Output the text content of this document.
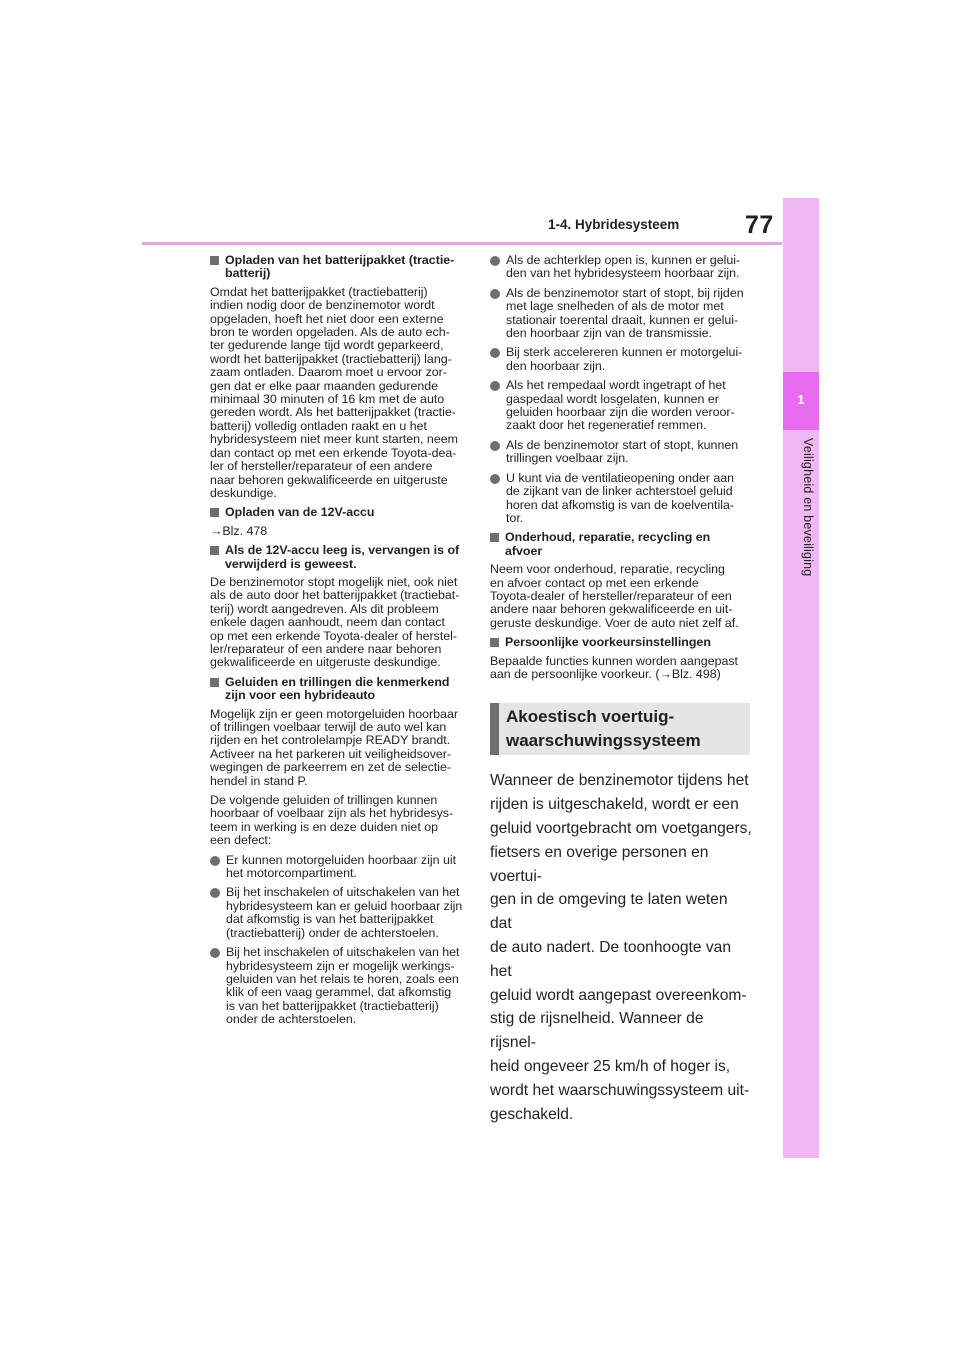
1-4. Hybridesysteem	77
1
Veiligheid en beveiliging
Opladen van het batterijpakket (tractie-
batterij)
Omdat het batterijpakket (tractiebatterij)
indien nodig door de benzinemotor wordt
opgeladen, hoeft het niet door een externe
bron te worden opgeladen. Als de auto ech-
ter gedurende lange tijd wordt geparkeerd,
wordt het batterijpakket (tractiebatterij) lang-
zaam ontladen. Daarom moet u ervoor zor-
gen dat er elke paar maanden gedurende
minimaal 30 minuten of 16 km met de auto
gereden wordt. Als het batterijpakket (tractie-
batterij) volledig ontladen raakt en u het
hybridesysteem niet meer kunt starten, neem
dan contact op met een erkende Toyota-dea-
ler of hersteller/reparateur of een andere
naar behoren gekwalificeerde en uitgeruste
deskundige.
Opladen van de 12V-accu
→Blz. 478
Als de 12V-accu leeg is, vervangen is of
verwijderd is geweest.
De benzinemotor stopt mogelijk niet, ook niet
als de auto door het batterijpakket (tractiebat-
terij) wordt aangedreven. Als dit probleem
enkele dagen aanhoudt, neem dan contact
op met een erkende Toyota-dealer of herstel-
ler/reparateur of een andere naar behoren
gekwalificeerde en uitgeruste deskundige.
Geluiden en trillingen die kenmerkend
zijn voor een hybrideauto
Mogelijk zijn er geen motorgeluiden hoorbaar
of trillingen voelbaar terwijl de auto wel kan
rijden en het controlelampje READY brandt.
Activeer na het parkeren uit veiligheidsover-
wegingen de parkeerrem en zet de selectie-
hendel in stand P.
De volgende geluiden of trillingen kunnen
hoorbaar of voelbaar zijn als het hybridesys-
teem in werking is en deze duiden niet op
een defect:
Er kunnen motorgeluiden hoorbaar zijn uit
het motorcompartiment.
Bij het inschakelen of uitschakelen van het
hybridesysteem kan er geluid hoorbaar zijn
dat afkomstig is van het batterijpakket
(tractiebatterij) onder de achterstoelen.
Bij het inschakelen of uitschakelen van het
hybridesysteem zijn er mogelijk werkings-
geluiden van het relais te horen, zoals een
klik of een vaag gerammel, dat afkomstig
is van het batterijpakket (tractiebatterij)
onder de achterstoelen.
Als de achterklep open is, kunnen er gelui-
den van het hybridesysteem hoorbaar zijn.
Als de benzinemotor start of stopt, bij rijden
met lage snelheden of als de motor met
stationair toerental draait, kunnen er gelui-
den hoorbaar zijn van de transmissie.
Bij sterk accelereren kunnen er motorgelui-
den hoorbaar zijn.
Als het rempedaal wordt ingetrapt of het
gaspedaal wordt losgelaten, kunnen er
geluiden hoorbaar zijn die worden veroor-
zaakt door het regeneratief remmen.
Als de benzinemotor start of stopt, kunnen
trillingen voelbaar zijn.
U kunt via de ventilatieopening onder aan
de zijkant van de linker achterstoel geluid
horen dat afkomstig is van de koelventila-
tor.
Onderhoud, reparatie, recycling en
afvoer
Neem voor onderhoud, reparatie, recycling
en afvoer contact op met een erkende
Toyota-dealer of hersteller/reparateur of een
andere naar behoren gekwalificeerde en uit-
geruste deskundige. Voer de auto niet zelf af.
Persoonlijke voorkeursinstellingen
Bepaalde functies kunnen worden aangepast
aan de persoonlijke voorkeur. (→Blz. 498)
Akoestisch voertuig-
waarschuwingssysteem
Wanneer de benzinemotor tijdens het
rijden is uitgeschakeld, wordt er een
geluid voortgebracht om voetgangers,
fietsers en overige personen en voertui-
gen in de omgeving te laten weten dat
de auto nadert. De toonhoogte van het
geluid wordt aangepast overeenkom-
stig de rijsnelheid. Wanneer de rijsnel-
heid ongeveer 25 km/h of hoger is,
wordt het waarschuwingssysteem uit-
geschakeld.
